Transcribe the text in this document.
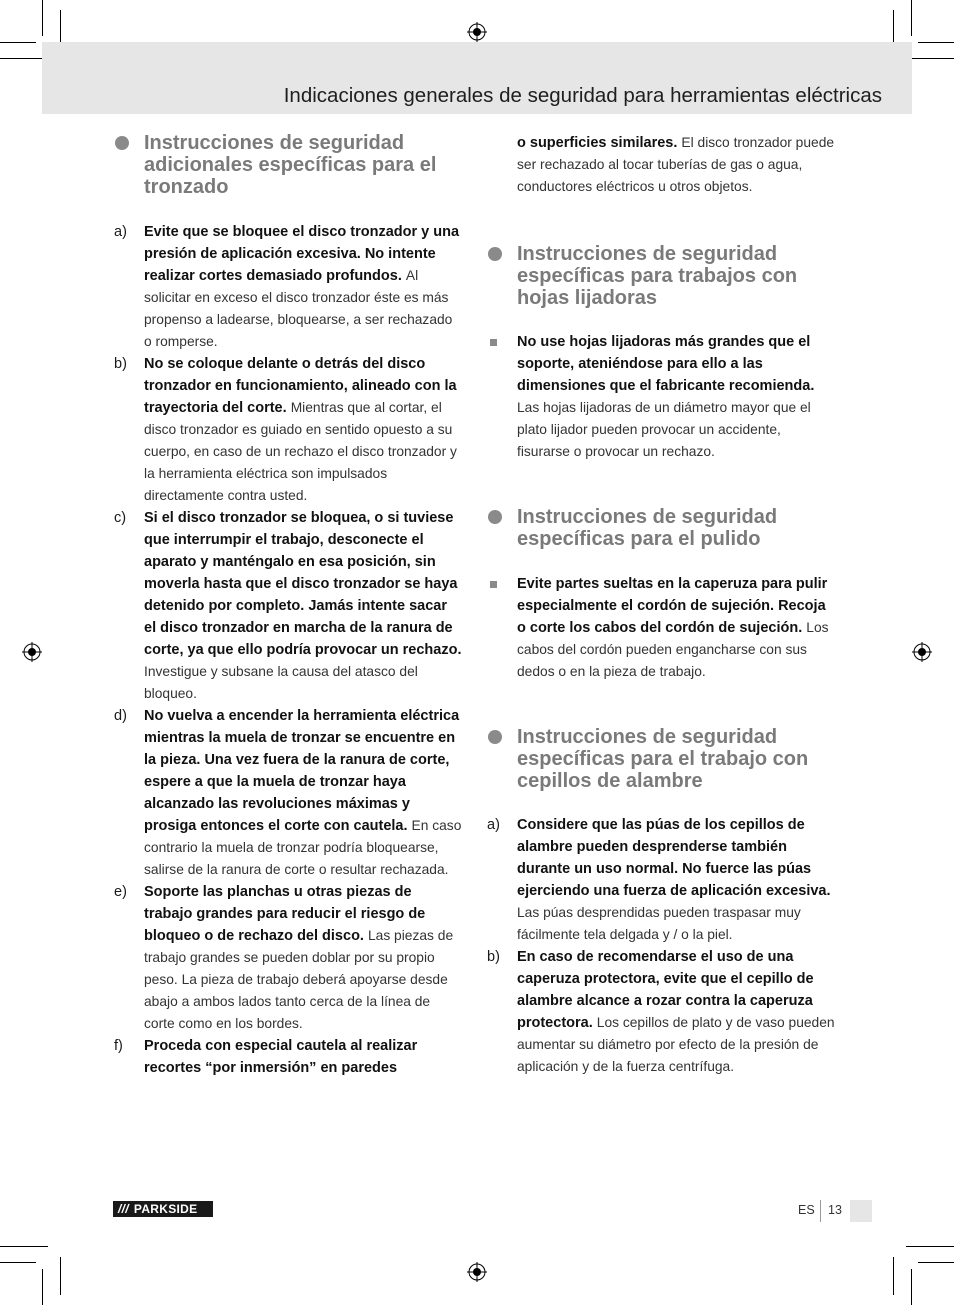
Indicaciones generales de seguridad para herramientas eléctricas
Instrucciones de seguridad adicionales específicas para el tronzado
a) Evite que se bloquee el disco tronzador y una presión de aplicación excesiva. No intente realizar cortes demasiado profundos. Al solicitar en exceso el disco tronzador éste es más propenso a ladearse, bloquearse, a ser rechazado o romperse.
b) No se coloque delante o detrás del disco tronzador en funcionamiento, alineado con la trayectoria del corte. Mientras que al cortar, el disco tronzador es guiado en sentido opuesto a su cuerpo, en caso de un rechazo el disco tronzador y la herramienta eléctrica son impulsados directamente contra usted.
c) Si el disco tronzador se bloquea, o si tuviese que interrumpir el trabajo, desconecte el aparato y manténgalo en esa posición, sin moverla hasta que el disco tronzador se haya detenido por completo. Jamás intente sacar el disco tronzador en marcha de la ranura de corte, ya que ello podría provocar un rechazo. Investigue y subsane la causa del atasco del bloqueo.
d) No vuelva a encender la herramienta eléctrica mientras la muela de tronzar se encuentre en la pieza. Una vez fuera de la ranura de corte, espere a que la muela de tronzar haya alcanzado las revoluciones máximas y prosiga entonces el corte con cautela. En caso contrario la muela de tronzar podría bloquearse, salirse de la ranura de corte o resultar rechazada.
e) Soporte las planchas u otras piezas de trabajo grandes para reducir el riesgo de bloqueo o de rechazo del disco. Las piezas de trabajo grandes se pueden doblar por su propio peso. La pieza de trabajo deberá apoyarse desde abajo a ambos lados tanto cerca de la línea de corte como en los bordes.
f) Proceda con especial cautela al realizar recortes “por inmersión” en paredes
o superficies similares. El disco tronzador puede ser rechazado al tocar tuberías de gas o agua, conductores eléctricos u otros objetos.
Instrucciones de seguridad específicas para trabajos con hojas lijadoras
No use hojas lijadoras más grandes que el soporte, ateniéndose para ello a las dimensiones que el fabricante recomienda. Las hojas lijadoras de un diámetro mayor que el plato lijador pueden provocar un accidente, fisurarse o provocar un rechazo.
Instrucciones de seguridad específicas para el pulido
Evite partes sueltas en la caperuza para pulir especialmente el cordón de sujeción. Recoja o corte los cabos del cordón de sujeción. Los cabos del cordón pueden engancharse con sus dedos o en la pieza de trabajo.
Instrucciones de seguridad específicas para el trabajo con cepillos de alambre
a) Considere que las púas de los cepillos de alambre pueden desprenderse también durante un uso normal. No fuerce las púas ejerciendo una fuerza de aplicación excesiva. Las púas desprendidas pueden traspasar muy fácilmente tela delgada y / o la piel.
b) En caso de recomendarse el uso de una caperuza protectora, evite que el cepillo de alambre alcance a rozar contra la caperuza protectora. Los cepillos de plato y de vaso pueden aumentar su diámetro por efecto de la presión de aplicación y de la fuerza centrífuga.
/// PARKSIDE	ES 13
